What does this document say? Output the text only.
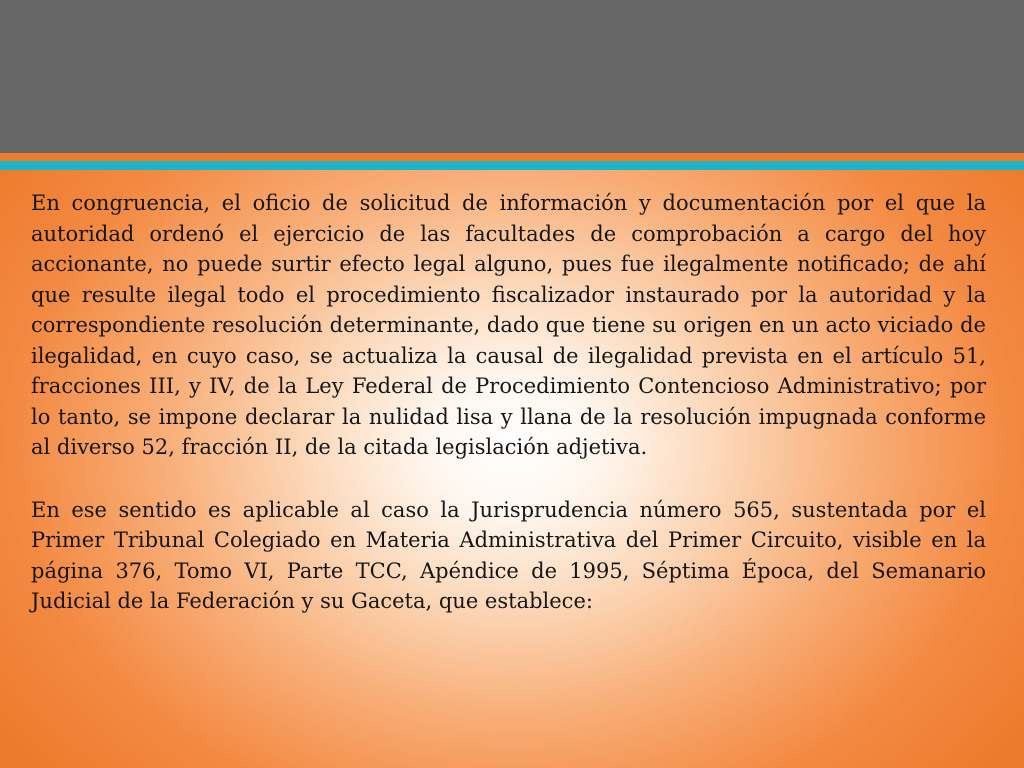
En congruencia, el oficio de solicitud de información y documentación por el que la autoridad ordenó el ejercicio de las facultades de comprobación a cargo del hoy accionante, no puede surtir efecto legal alguno, pues fue ilegalmente notificado; de ahí que resulte ilegal todo el procedimiento fiscalizador instaurado por la autoridad y la correspondiente resolución determinante, dado que tiene su origen en un acto viciado de ilegalidad, en cuyo caso, se actualiza la causal de ilegalidad prevista en el artículo 51, fracciones III, y IV, de la Ley Federal de Procedimiento Contencioso Administrativo; por lo tanto, se impone declarar la nulidad lisa y llana de la resolución impugnada conforme al diverso 52, fracción II, de la citada legislación adjetiva.

En ese sentido es aplicable al caso la Jurisprudencia número 565, sustentada por el Primer Tribunal Colegiado en Materia Administrativa del Primer Circuito, visible en la página 376, Tomo VI, Parte TCC, Apéndice de 1995, Séptima Época, del Semanario Judicial de la Federación y su Gaceta, que establece:
